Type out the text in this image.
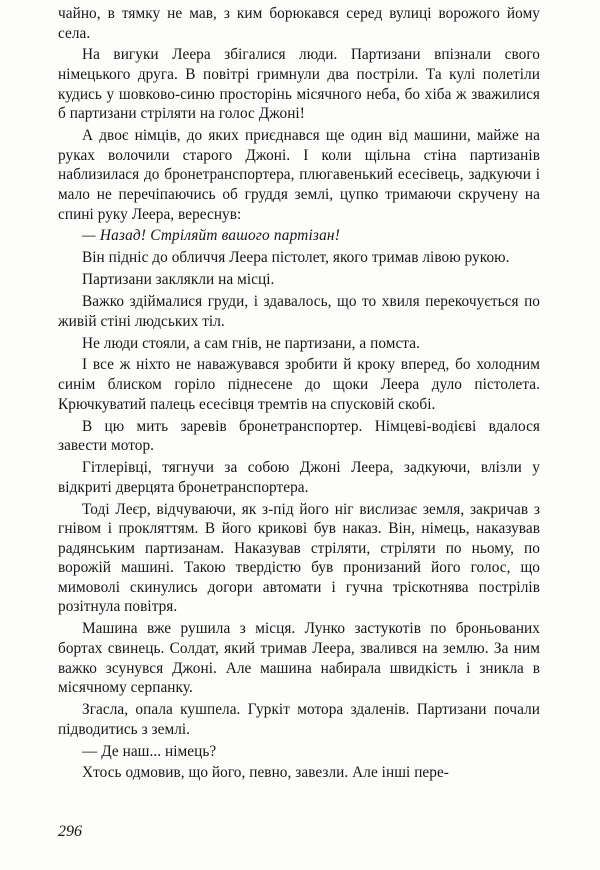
чайно, в тямку не мав, з ким борюкався серед вулиці ворожого йому села.

На вигуки Леера збігалися люди. Партизани впізнали свого німецького друга. В повітрі гримнули два постріли. Та кулі полетіли кудись у шовково-синю просторінь місячного неба, бо хіба ж зважилися б партизани стріляти на голос Джоні!

А двоє німців, до яких приєднався ще один від машини, майже на руках волочили старого Джоні. І коли щільна стіна партизанів наблизилася до бронетранспортера, плюгавенький есесівець, задкуючи і мало не перечіпаючись об груддя землі, цупко тримаючи скручену на спині руку Леера, вереснув:

— Назад! Стріляйт вашого партізан!

Він підніс до обличчя Леера пістолет, якого тримав лівою рукою.

Партизани заклякли на місці.

Важко здіймалися груди, і здавалось, що то хвиля перекочується по живій стіні людських тіл.

Не люди стояли, а сам гнів, не партизани, а помста.

І все ж ніхто не наважувався зробити й кроку вперед, бо холодним синім блиском горіло піднесене до щоки Леера дуло пістолета. Крючкуватий палець есесівця тремтів на спусковій скобі.

В цю мить заревів бронетранспортер. Німцеві-водієві вдалося завести мотор.

Гітлерівці, тягнучи за собою Джоні Леера, задкуючи, влізли у відкриті дверцята бронетранспортера.

Тоді Леєр, відчуваючи, як з-під його ніг вислизає земля, закричав з гнівом і прокляттям. В його крикові був наказ. Він, німець, наказував радянським партизанам. Наказував стріляти, стріляти по ньому, по ворожій машині. Такою твердістю був пронизаний його голос, що мимоволі скинулись догори автомати і гучна тріскотнява пострілів розітнула повітря.

Машина вже рушила з місця. Лунко застукотів по броньованих бортах свинець. Солдат, який тримав Леера, звалився на землю. За ним важко зсунувся Джоні. Але машина набирала швидкість і зникла в місячному серпанку.

Згасла, опала кушпела. Гуркіт мотора здаленів. Партизани почали підводитись з землі.

— Де наш... німець?

Хтось одмовив, що його, певно, завезли. Але інші пере-

296
